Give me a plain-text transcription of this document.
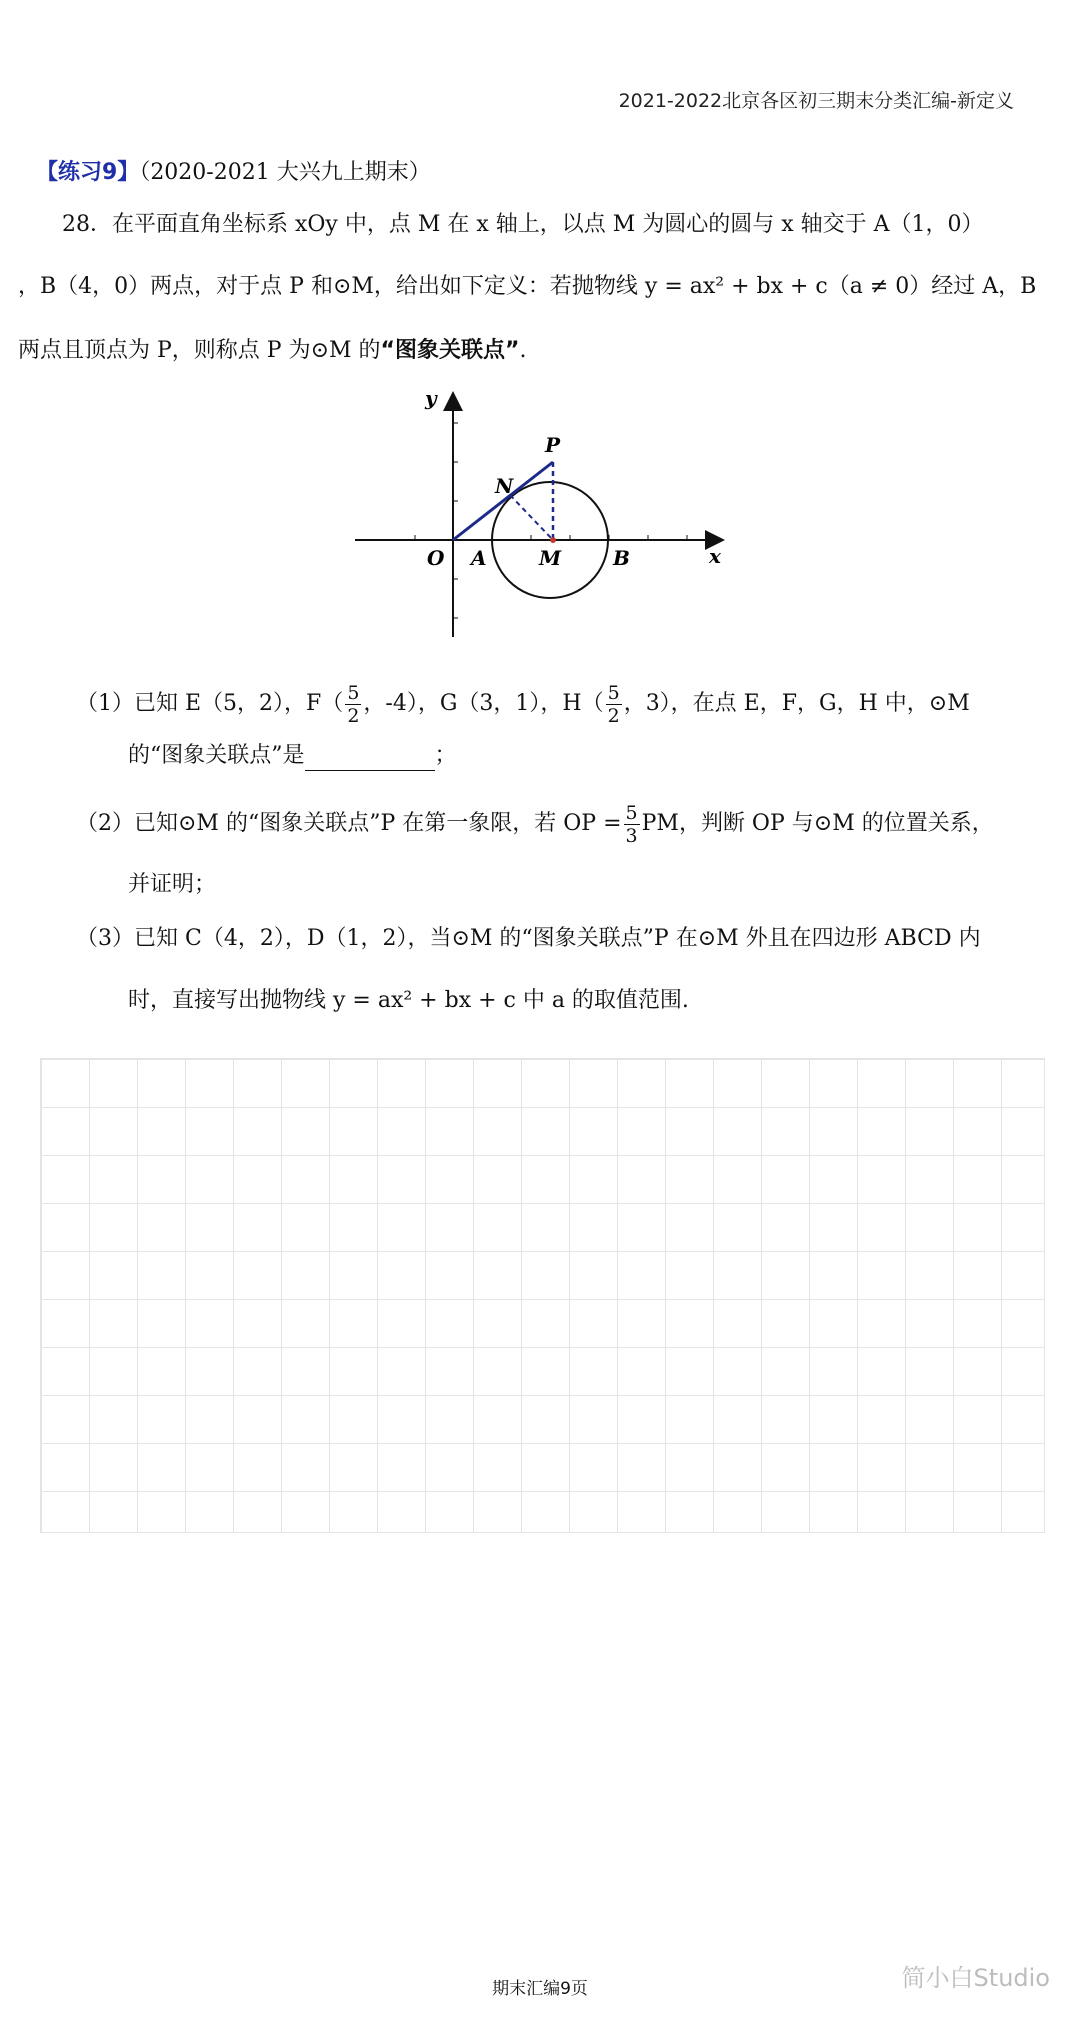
2021-2022北京各区初三期末分类汇编-新定义
【练习9】（2020-2021 大兴九上期末）
28．在平面直角坐标系 xOy 中，点 M 在 x 轴上，以点 M 为圆心的圆与 x 轴交于 A（1，0）
，B（4，0）两点，对于点 P 和⊙M，给出如下定义：若抛物线 y = ax² + bx + c（a ≠ 0）经过 A，B
两点且顶点为 P，则称点 P 为⊙M 的“图象关联点”.
y
x
O A	M	B
N
P
（1）已知 E（5，2），$F( \frac{5}{2}$ ，-4），G（3，1），$H( \frac{5}{2}$ ，3），在点 E，F，G，H 中，⊙M
的“图象关联点”是	；
（2）已知⊙M 的“图象关联点”P 在第一象限，若 OP = $\frac{5}{3}$ PM，判断 OP 与⊙M 的位置关系，
并证明；
（3）已知 C（4，2），D（1，2），当⊙M 的“图象关联点”P 在⊙M 外且在四边形 ABCD 内
时，直接写出抛物线 y = ax² + bx + c 中 a 的取值范围.
期末汇编9页	简小白Studio
